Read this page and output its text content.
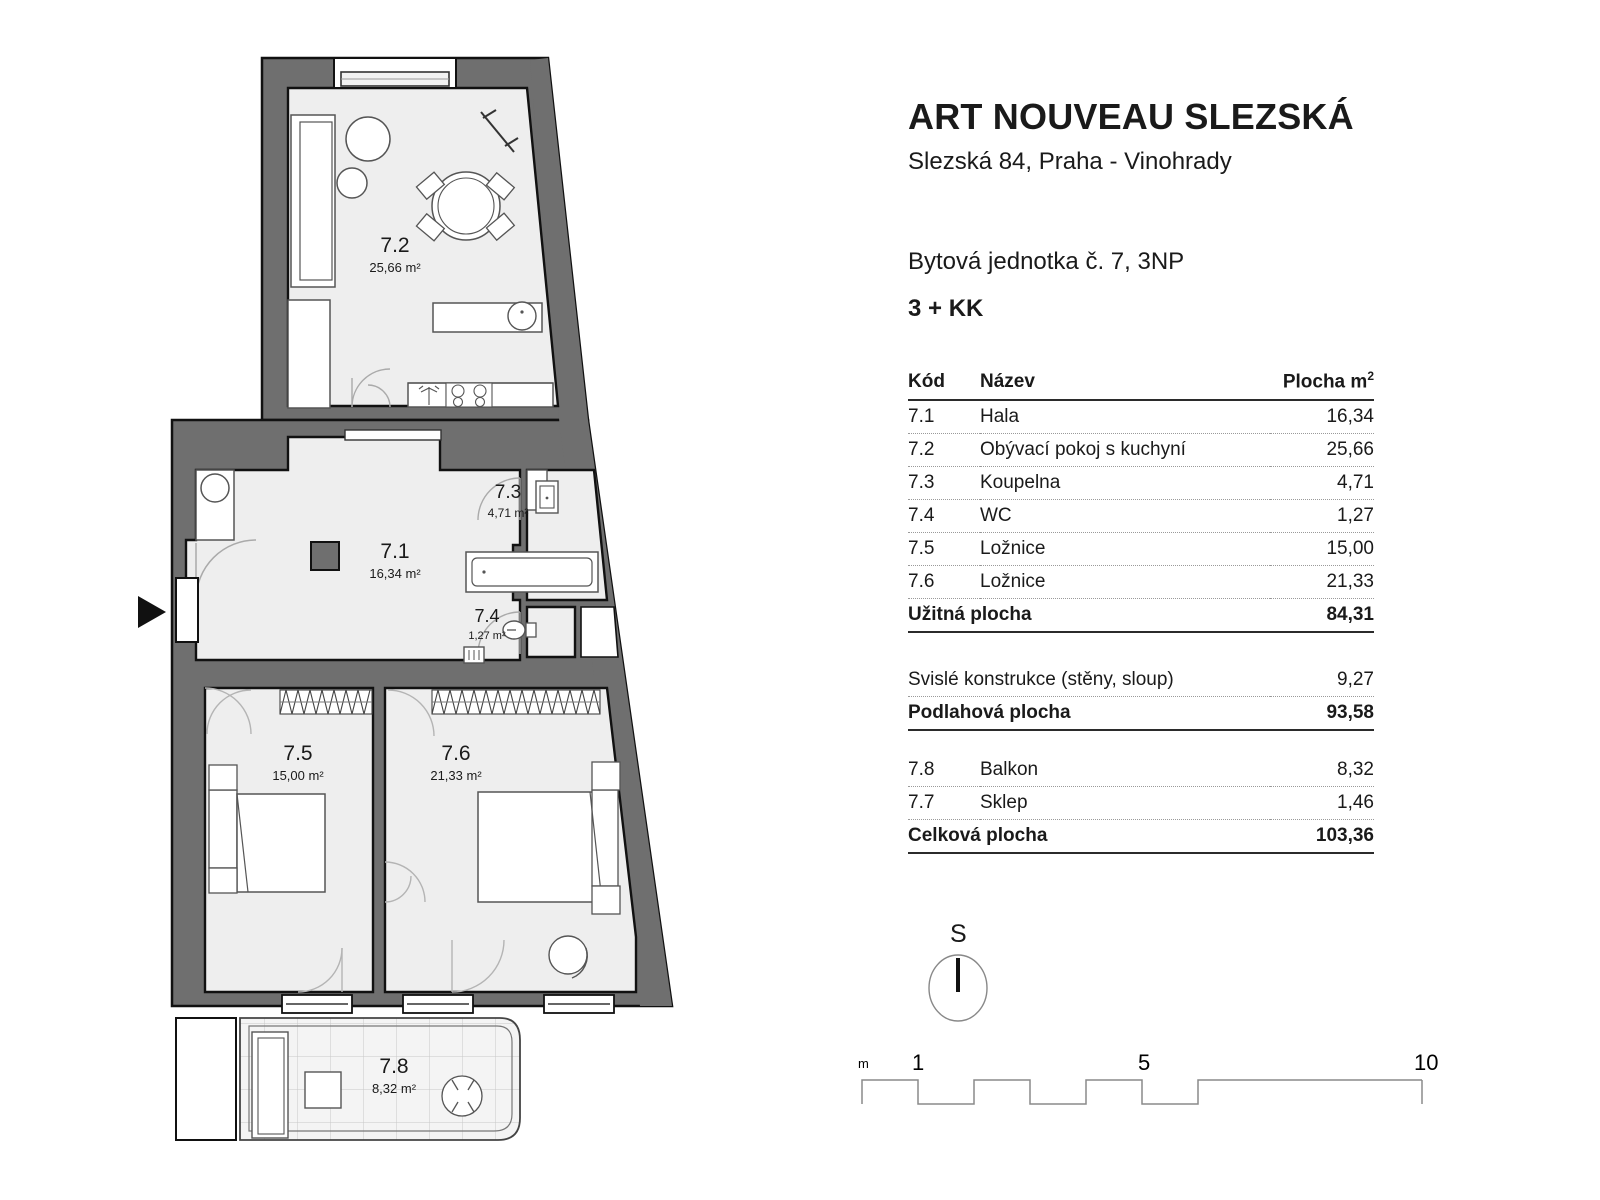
7.2
25,66 m²
7.1
16,34 m²
7.3
4,71 m²
7.4
1,27 m²
7.5
15,00 m²
7.6
21,33 m²
7.8
8,32 m²
ART NOUVEAU SLEZSKÁ
Slezská 84, Praha - Vinohrady
Bytová jednotka č. 7, 3NP
3 + KK
Kód	Název	Plocha $m^2$
7.1	Hala	16,34
7.2	Obývací pokoj s kuchyní	25,66
7.3	Koupelna	4,71
7.4	WC	1,27
7.5	Ložnice	15,00
7.6	Ložnice	21,33
Užitná plocha		84,31
Svislé konstrukce (stěny, sloup)	9,27
Podlahová plocha	93,58
7.8	Balkon	8,32
7.7	Sklep	1,46
Celková plocha		103,36
S
m 1	5	10
